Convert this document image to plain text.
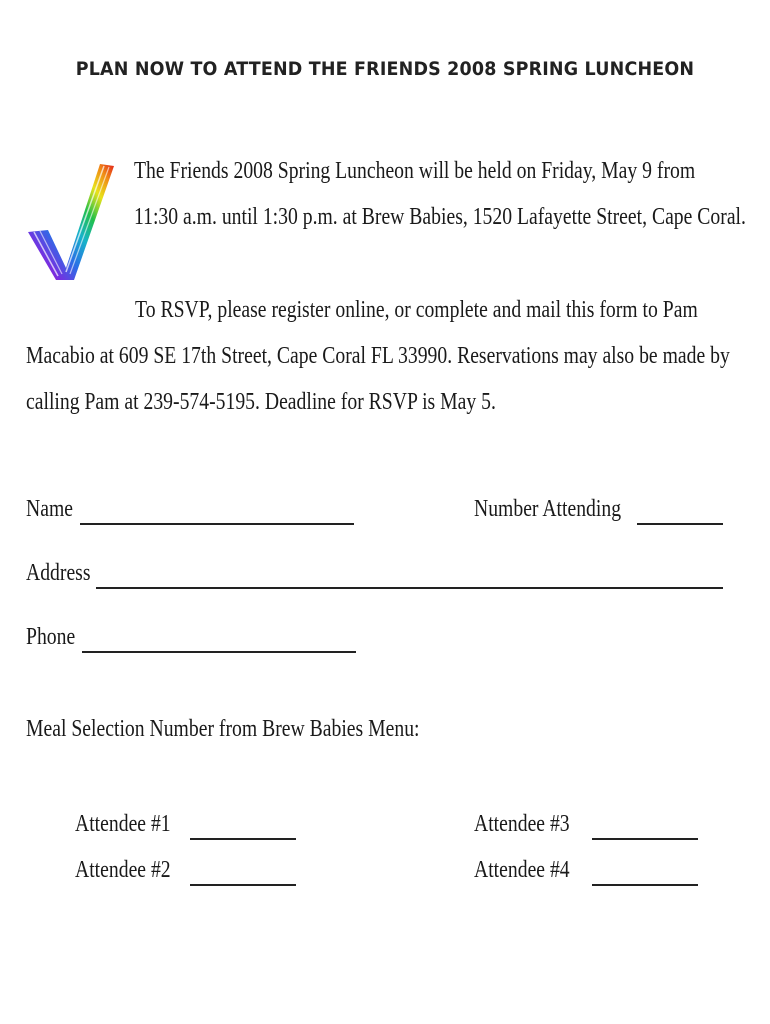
PLAN NOW TO ATTEND THE FRIENDS 2008 SPRING LUNCHEON
The Friends 2008 Spring Luncheon will be held on Friday, May 9 from
11:30 a.m. until 1:30 p.m. at Brew Babies, 1520 Lafayette Street, Cape Coral.
To RSVP, please register online, or complete and mail this form to Pam
Macabio at 609 SE 17th Street, Cape Coral FL 33990. Reservations may also be made by
calling Pam at 239-574-5195. Deadline for RSVP is May 5.
Name	Number Attending
Address
Phone
Meal Selection Number from Brew Babies Menu:
Attendee #1
Attendee #2
Attendee #3
Attendee #4
